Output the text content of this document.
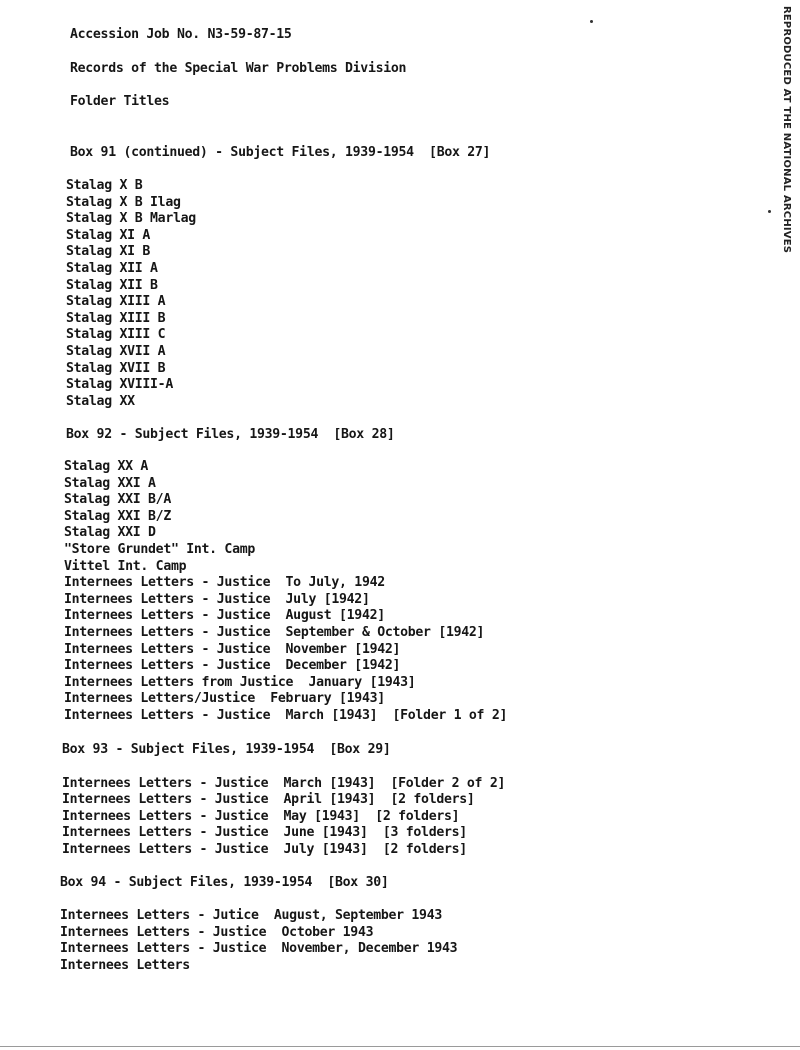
Accession Job No. N3-59-87-15
Records of the Special War Problems Division
Folder Titles
Box 91 (continued) - Subject Files, 1939-1954  [Box 27]
Stalag X B
Stalag X B Ilag
Stalag X B Marlag
Stalag XI A
Stalag XI B
Stalag XII A
Stalag XII B
Stalag XIII A
Stalag XIII B
Stalag XIII C
Stalag XVII A
Stalag XVII B
Stalag XVIII-A
Stalag XX
Box 92 - Subject Files, 1939-1954  [Box 28]
Stalag XX A
Stalag XXI A
Stalag XXI B/A
Stalag XXI B/Z
Stalag XXI D
"Store Grundet" Int. Camp
Vittel Int. Camp
Internees Letters - Justice  To July, 1942
Internees Letters - Justice  July [1942]
Internees Letters - Justice  August [1942]
Internees Letters - Justice  September & October [1942]
Internees Letters - Justice  November [1942]
Internees Letters - Justice  December [1942]
Internees Letters from Justice  January [1943]
Internees Letters/Justice  February [1943]
Internees Letters - Justice  March [1943]  [Folder 1 of 2]
Box 93 - Subject Files, 1939-1954  [Box 29]
Internees Letters - Justice  March [1943]  [Folder 2 of 2]
Internees Letters - Justice  April [1943]  [2 folders]
Internees Letters - Justice  May [1943]  [2 folders]
Internees Letters - Justice  June [1943]  [3 folders]
Internees Letters - Justice  July [1943]  [2 folders]
Box 94 - Subject Files, 1939-1954  [Box 30]
Internees Letters - Jutice  August, September 1943
Internees Letters - Justice  October 1943
Internees Letters - Justice  November, December 1943
Internees Letters
REPRODUCED AT THE NATIONAL ARCHIVES
